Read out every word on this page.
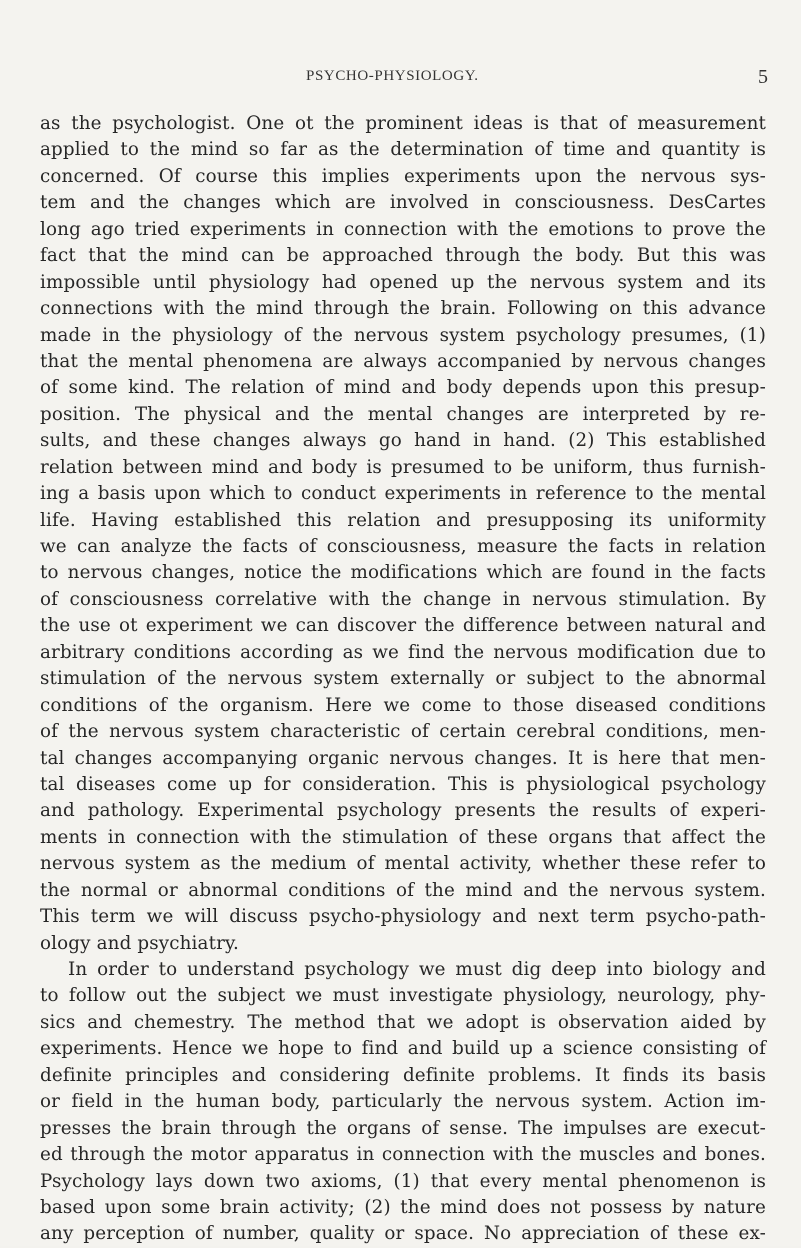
PSYCHO-PHYSIOLOGY.	5
as the psychologist. One ot the prominent ideas is that of measurement
applied to the mind so far as the determination of time and quantity is
concerned. Of course this implies experiments upon the nervous sys-
tem and the changes which are involved in consciousness. DesCartes
long ago tried experiments in connection with the emotions to prove the
fact that the mind can be approached through the body. But this was
impossible until physiology had opened up the nervous system and its
connections with the mind through the brain. Following on this advance
made in the physiology of the nervous system psychology presumes, (1)
that the mental phenomena are always accompanied by nervous changes
of some kind. The relation of mind and body depends upon this presup-
position. The physical and the mental changes are interpreted by re-
sults, and these changes always go hand in hand. (2) This established
relation between mind and body is presumed to be uniform, thus furnish-
ing a basis upon which to conduct experiments in reference to the mental
life. Having established this relation and presupposing its uniformity
we can analyze the facts of consciousness, measure the facts in relation
to nervous changes, notice the modifications which are found in the facts
of consciousness correlative with the change in nervous stimulation. By
the use ot experiment we can discover the difference between natural and
arbitrary conditions according as we find the nervous modification due to
stimulation of the nervous system externally or subject to the abnormal
conditions of the organism. Here we come to those diseased conditions
of the nervous system characteristic of certain cerebral conditions, men-
tal changes accompanying organic nervous changes. It is here that men-
tal diseases come up for consideration. This is physiological psychology
and pathology. Experimental psychology presents the results of experi-
ments in connection with the stimulation of these organs that affect the
nervous system as the medium of mental activity, whether these refer to
the normal or abnormal conditions of the mind and the nervous system.
This term we will discuss psycho-physiology and next term psycho-path-
ology and psychiatry.
In order to understand psychology we must dig deep into biology and
to follow out the subject we must investigate physiology, neurology, phy-
sics and chemestry. The method that we adopt is observation aided by
experiments. Hence we hope to find and build up a science consisting of
definite principles and considering definite problems. It finds its basis
or field in the human body, particularly the nervous system. Action im-
presses the brain through the organs of sense. The impulses are execut-
ed through the motor apparatus in connection with the muscles and bones.
Psychology lays down two axioms, (1) that every mental phenomenon is
based upon some brain activity; (2) the mind does not possess by nature
any perception of number, quality or space. No appreciation of these ex-
